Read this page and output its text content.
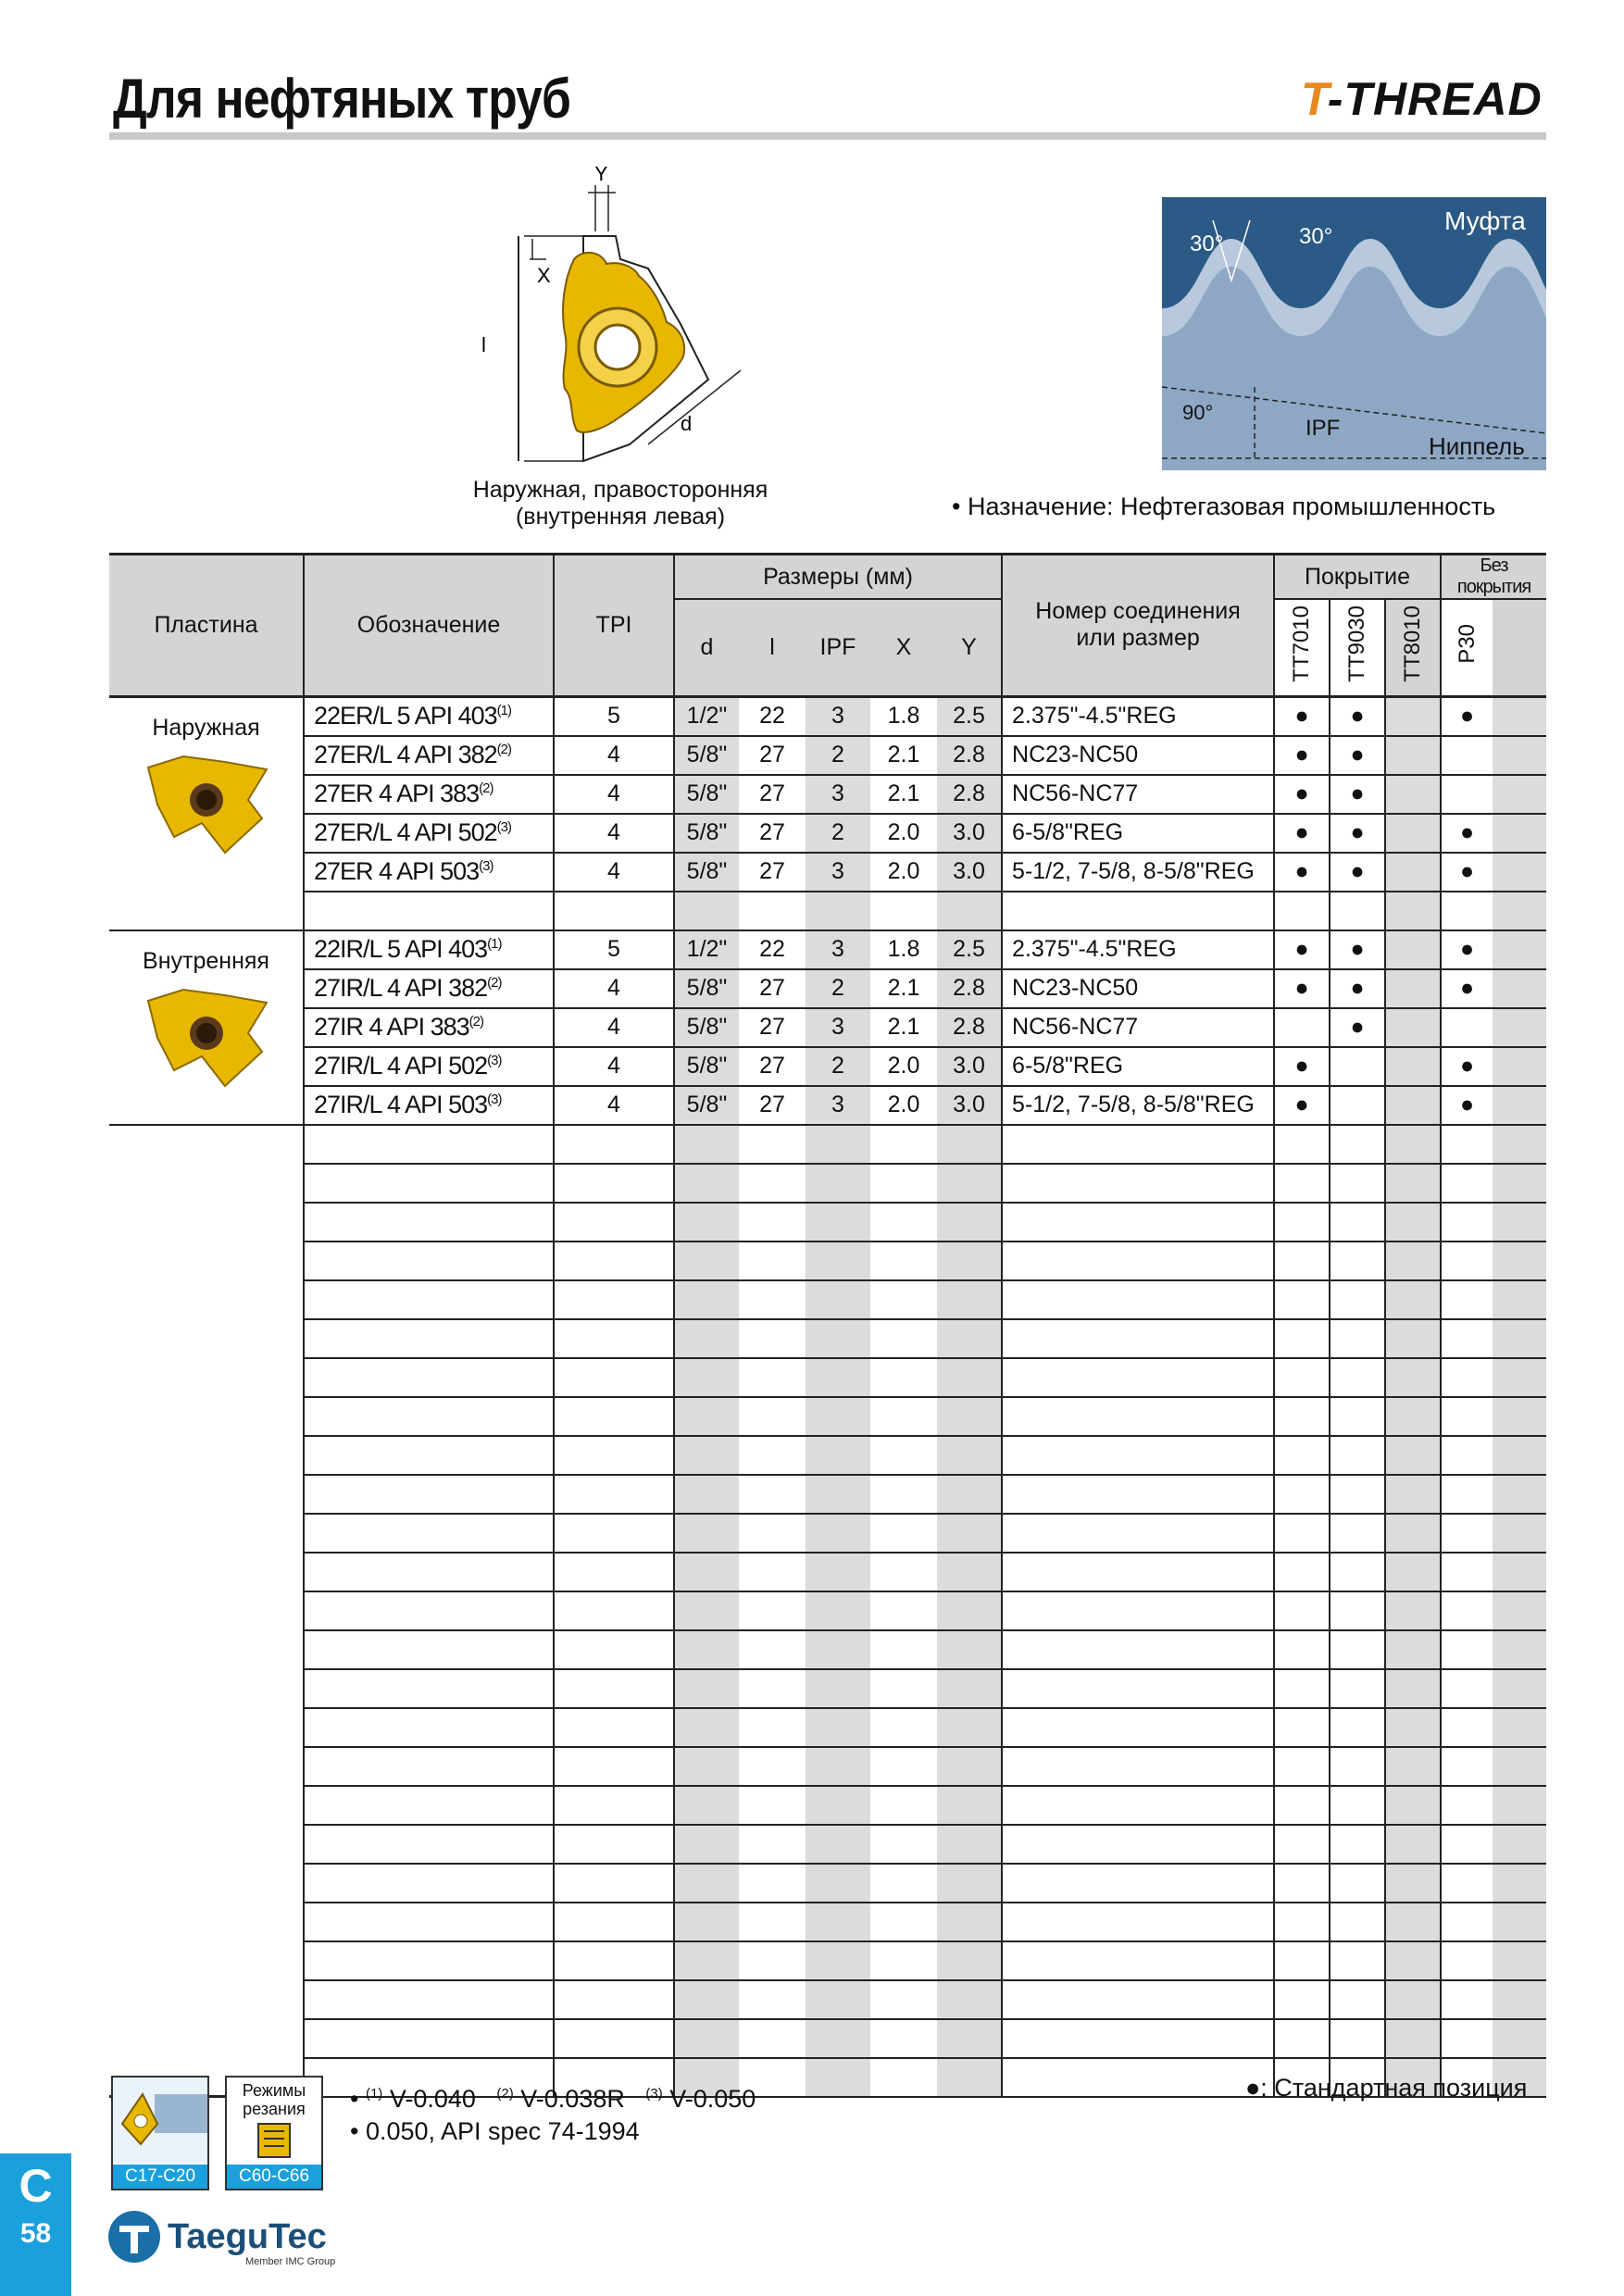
Для нефтяных труб	T-THREAD
Y
X
l
d
Наружная, правосторонняя
(внутренняя левая)
30°	30°
Муфта
90°
IPF
Ниппель
• Назначение: Нефтегазовая промышленность
Пластина	Обозначение	TPI	Размеры (мм)					Номер соединения
или размер	Покрытие			Без покрытия	
			d	l	IPF	X	Y		TT7010	TT9030	TT8010	P30	

Наружная	22ER/L 5 API 403$^{(1)}$	5	1/2"	22	3	1.8	2.5	2.375"-4.5"REG	●	●		●	
	27ER/L 4 API 382$^{(2)}$	4	5/8"	27	2	2.1	2.8	NC23-NC50	●	●			
	27ER 4 API 383$^{(2)}$	4	5/8"	27	3	2.1	2.8	NC56-NC77	●	●			
	27ER/L 4 API 502$^{(3)}$	4	5/8"	27	2	2.0	3.0	6-5/8"REG	●	●		●	
	27ER 4 API 503$^{(3)}$	4	5/8"	27	3	2.0	3.0	5-1/2, 7-5/8, 8-5/8"REG	●	●		●	

Внутренняя	22IR/L 5 API 403$^{(1)}$	5	1/2"	22	3	1.8	2.5	2.375"-4.5"REG	●	●		●	
	27IR/L 4 API 382$^{(2)}$	4	5/8"	27	2	2.1	2.8	NC23-NC50	●	●		●	
	27IR 4 API 383$^{(2)}$	4	5/8"	27	3	2.1	2.8	NC56-NC77		●			
	27IR/L 4 API 502$^{(3)}$	4	5/8"	27	2	2.0	3.0	6-5/8"REG	●			●	
	27IR/L 4 API 503$^{(3)}$	4	5/8"	27	3	2.0	3.0	5-1/2, 7-5/8, 8-5/8"REG	●			●	

C17-C20
Режимы
резания
C60-C66
• $^{(1)}$ V-0.040 $^{(2)}$ V-0.038R $^{(3)}$ V-0.050
• 0.050, API spec 74-1994
●: Стандартная позиция
C
58	TaeguTec
Member IMC Group
